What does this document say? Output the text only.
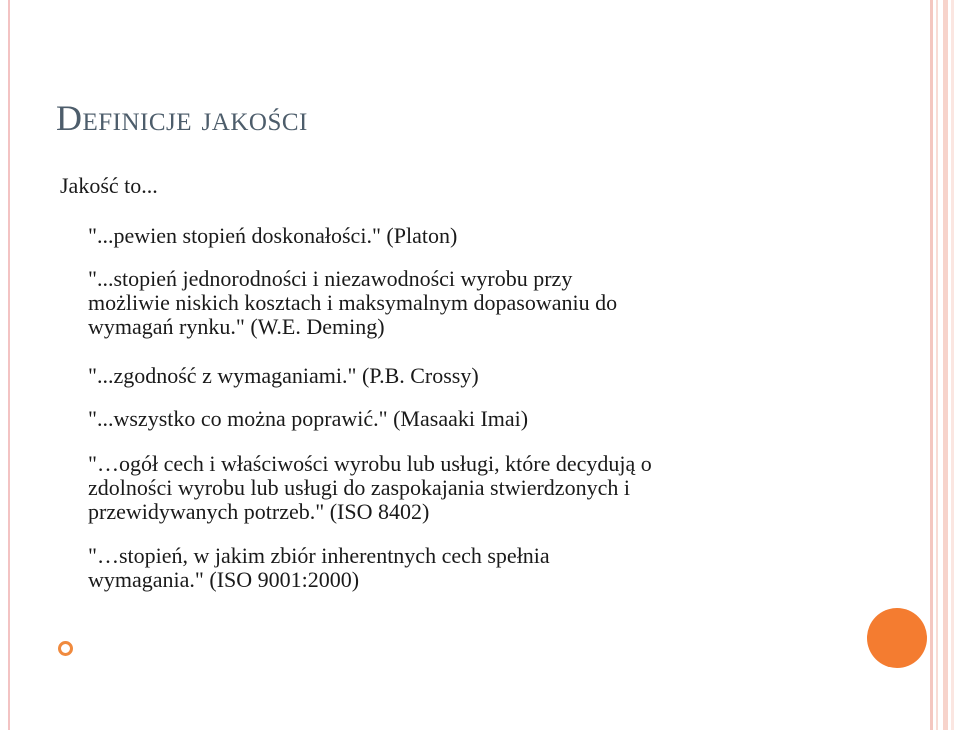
Definicje jakości

Jakość to...

"...pewien stopień doskonałości." (Platon)

"...stopień jednorodności i niezawodności wyrobu przy
możliwie niskich kosztach i maksymalnym dopasowaniu do
wymagań rynku." (W.E. Deming)

"...zgodność z wymaganiami." (P.B. Crossy)

"...wszystko co można poprawić." (Masaaki Imai)

"…ogół cech i właściwości wyrobu lub usługi, które decydują o
zdolności wyrobu lub usługi do zaspokajania stwierdzonych i
przewidywanych potrzeb." (ISO 8402)

"…stopień, w jakim zbiór inherentnych cech spełnia
wymagania." (ISO 9001:2000)
